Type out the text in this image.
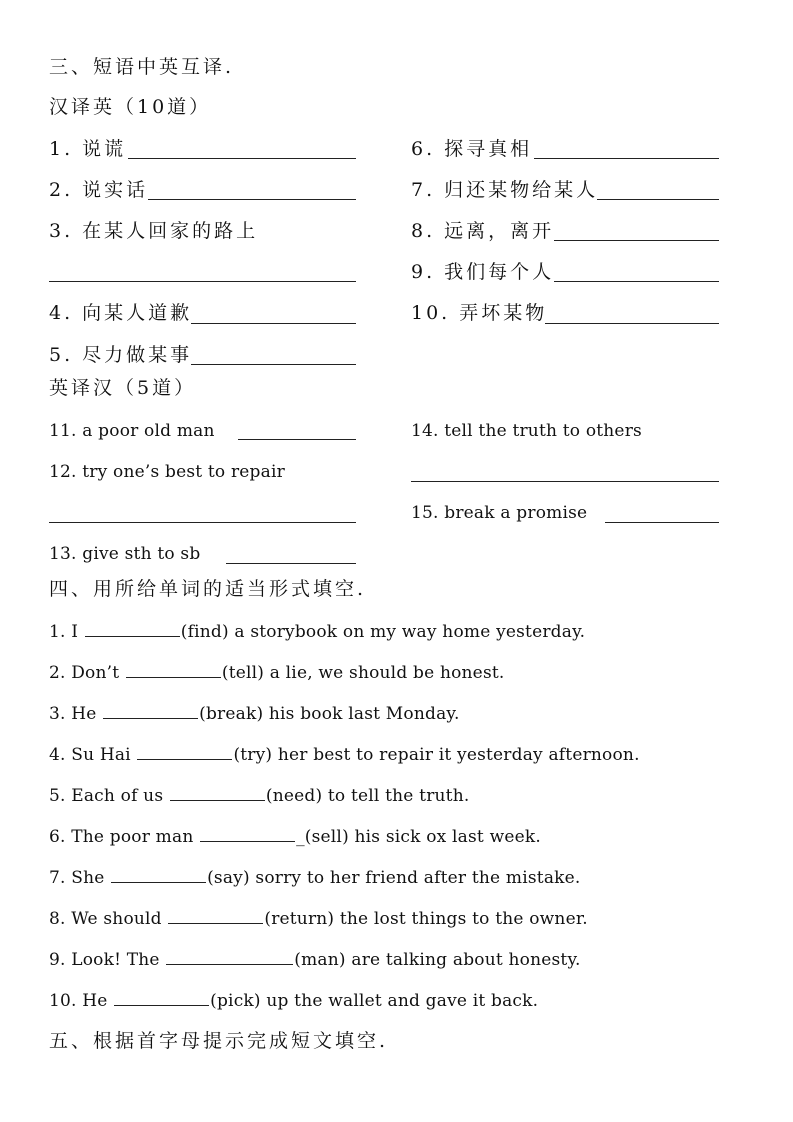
三、短语中英互译.
汉译英（10道）
1. 说谎
2. 说实话
3. 在某人回家的路上
4. 向某人道歉
5. 尽力做某事
6. 探寻真相
7. 归还某物给某人
8. 远离，离开
9. 我们每个人
10. 弄坏某物
英译汉（5道）
11. a poor old man
12. try one’s best to repair
13. give sth to sb
14. tell the truth to others
15. break a promise
四、用所给单词的适当形式填空.
1. I	(find) a storybook on my way home yesterday.
2. Don’t	(tell) a lie, we should be honest.
3. He	(break) his book last Monday.
4. Su Hai	(try) her best to repair it yesterday afternoon.
5. Each of us	(need) to tell the truth.
6. The poor man	_(sell) his sick ox last week.
7. She	(say) sorry to her friend after the mistake.
8. We should	(return) the lost things to the owner.
9. Look! The	(man) are talking about honesty.
10. He	(pick) up the wallet and gave it back.
五、根据首字母提示完成短文填空.
